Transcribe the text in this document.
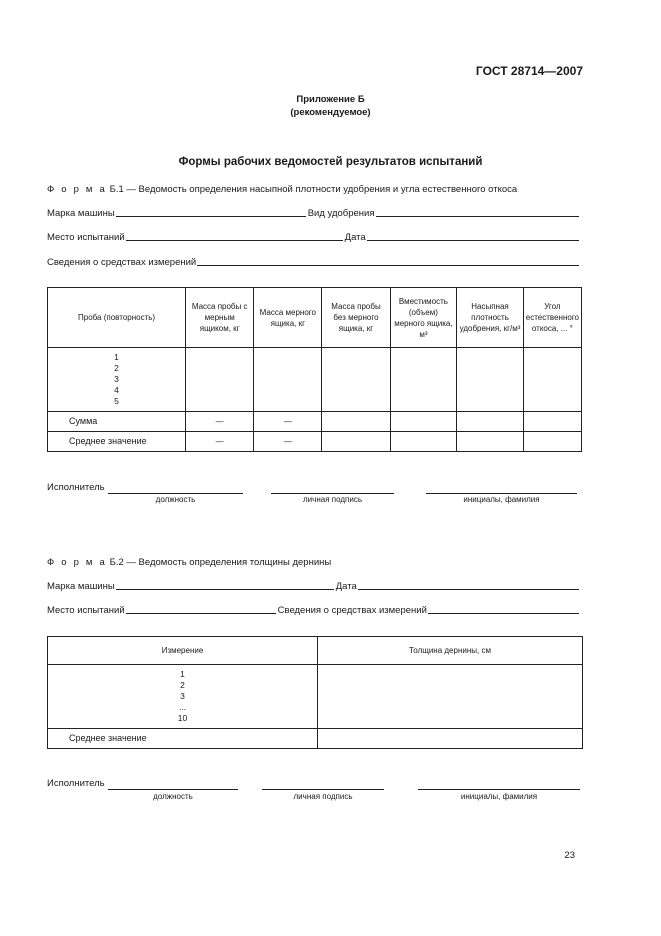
ГОСТ 28714—2007
Приложение Б
(рекомендуемое)
Формы рабочих ведомостей результатов испытаний
Ф о р м а Б.1 — Ведомость определения насыпной плотности удобрения и угла естественного откоса
Марка машины	Вид удобрения
Место испытаний	Дата
Сведения о средствах измерений
Проба (повторность)	Масса пробы с мерным ящиком, кг	Масса мерного ящика, кг	Масса пробы без мерного ящика, кг	Вместимость (объем) мерного ящика, м³	Насыпная плотность удобрения, кг/м³	Угол естественного откоса, ... °

1
2
3
4
5						

Сумма	—	—				
Среднее значение	—	—				
Исполнитель
должность	личная подпись	инициалы, фамилия
Ф о р м а Б.2 — Ведомость определения толщины дернины
Марка машины	Дата
Место испытаний	Сведения о средствах измерений
Измерение	Толщина дернины, см

1
2
3
...
10	

Среднее значение	
Исполнитель
должность	личная подпись	инициалы, фамилия
23
